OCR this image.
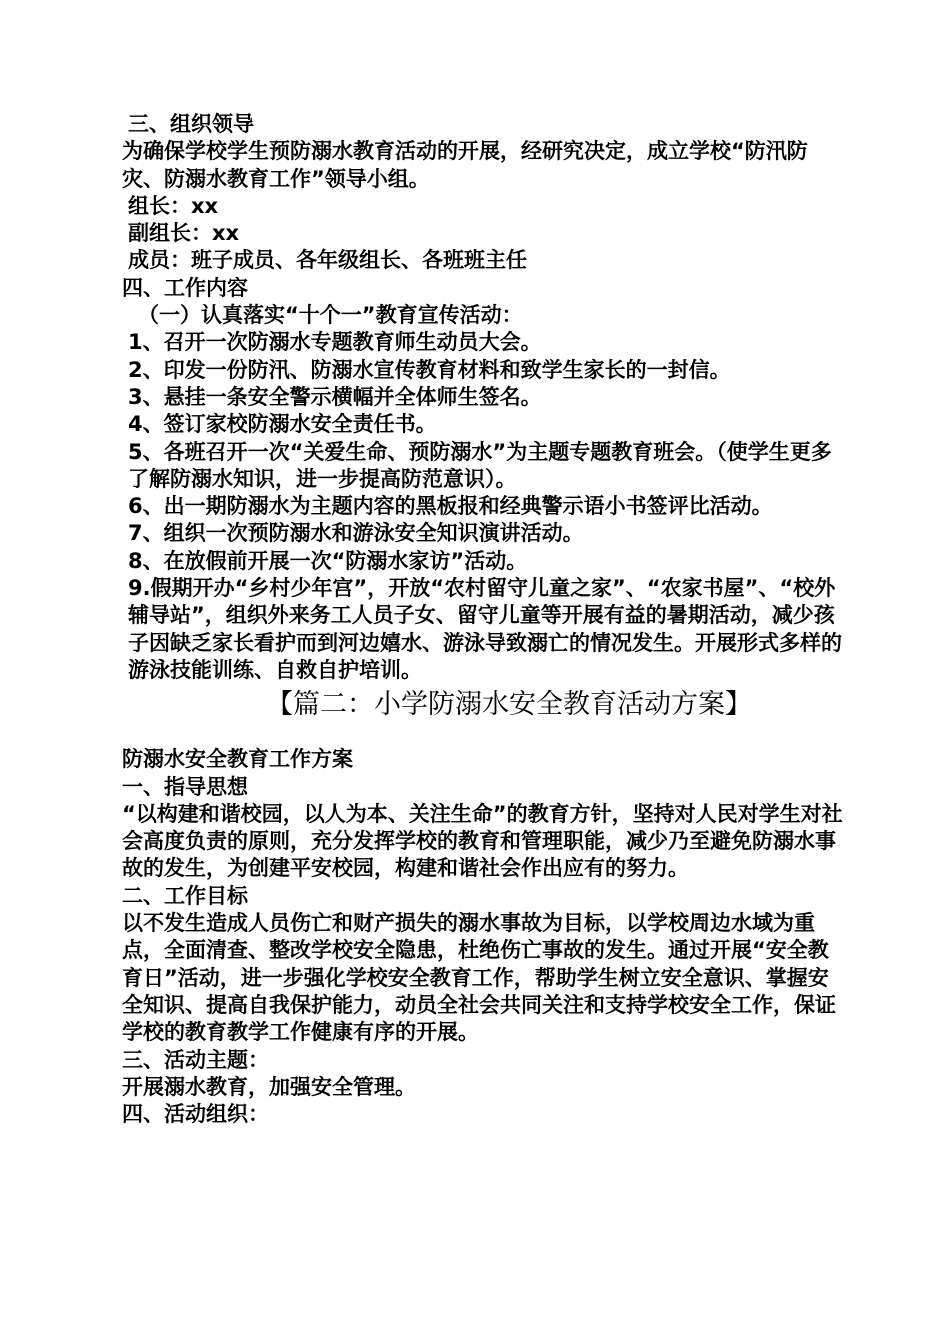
三、组织领导

为确保学校学生预防溺水教育活动的开展，经研究决定，成立学校“防汛防灾、防溺水教育工作”领导小组。

组长：xx

副组长：xx

成员：班子成员、各年级组长、各班班主任

四、工作内容

（一）认真落实“十个一”教育宣传活动：

1、召开一次防溺水专题教育师生动员大会。

2、印发一份防汛、防溺水宣传教育材料和致学生家长的一封信。

3、悬挂一条安全警示横幅并全体师生签名。

4、签订家校防溺水安全责任书。

5、各班召开一次“关爱生命、预防溺水”为主题专题教育班会。（使学生更多了解防溺水知识，进一步提高防范意识）。

6、出一期防溺水为主题内容的黑板报和经典警示语小书签评比活动。

7、组织一次预防溺水和游泳安全知识演讲活动。

8、在放假前开展一次“防溺水家访”活动。

9.假期开办“乡村少年宫”，开放“农村留守儿童之家”、“农家书屋”、“校外辅导站”，组织外来务工人员子女、留守儿童等开展有益的暑期活动，减少孩子因缺乏家长看护而到河边嬉水、游泳导致溺亡的情况发生。开展形式多样的游泳技能训练、自救自护培训。

【篇二：小学防溺水安全教育活动方案】

防溺水安全教育工作方案

一、指导思想

“以构建和谐校园，以人为本、关注生命”的教育方针，坚持对人民对学生对社会高度负责的原则，充分发挥学校的教育和管理职能，减少乃至避免防溺水事故的发生，为创建平安校园，构建和谐社会作出应有的努力。

二、工作目标

以不发生造成人员伤亡和财产损失的溺水事故为目标，以学校周边水域为重点，全面清查、整改学校安全隐患，杜绝伤亡事故的发生。通过开展“安全教育日”活动，进一步强化学校安全教育工作，帮助学生树立安全意识、掌握安全知识、提高自我保护能力，动员全社会共同关注和支持学校安全工作，保证学校的教育教学工作健康有序的开展。

三、活动主题：

开展溺水教育，加强安全管理。

四、活动组织：
